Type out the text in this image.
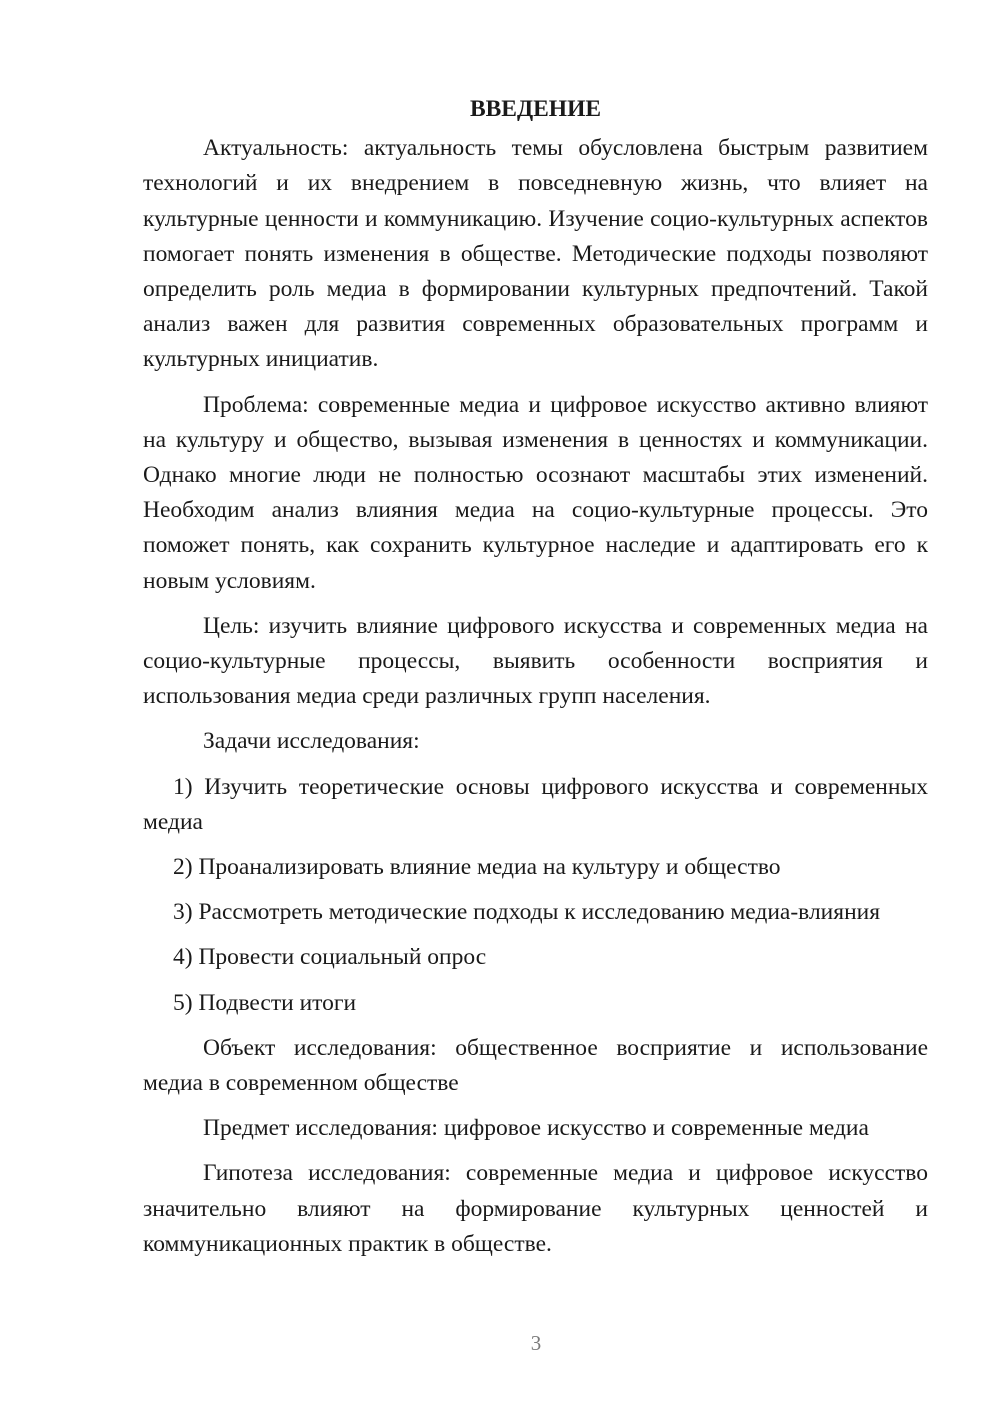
ВВЕДЕНИЕ

Актуальность: актуальность темы обусловлена быстрым развитием технологий и их внедрением в повседневную жизнь, что влияет на культурные ценности и коммуникацию. Изучение социо-культурных аспектов помогает понять изменения в обществе. Методические подходы позволяют определить роль медиа в формировании культурных предпочтений. Такой анализ важен для развития современных образовательных программ и культурных инициатив.

Проблема: современные медиа и цифровое искусство активно влияют на культуру и общество, вызывая изменения в ценностях и коммуникации. Однако многие люди не полностью осознают масштабы этих изменений. Необходим анализ влияния медиа на социо-культурные процессы. Это поможет понять, как сохранить культурное наследие и адаптировать его к новым условиям.

Цель: изучить влияние цифрового искусства и современных медиа на социо-культурные процессы, выявить особенности восприятия и использования медиа среди различных групп населения.

Задачи исследования:

1) Изучить теоретические основы цифрового искусства и современных медиа

2) Проанализировать влияние медиа на культуру и общество

3) Рассмотреть методические подходы к исследованию медиа-влияния

4) Провести социальный опрос

5) Подвести итоги

Объект исследования: общественное восприятие и использование медиа в современном обществе

Предмет исследования: цифровое искусство и современные медиа

Гипотеза исследования: современные медиа и цифровое искусство значительно влияют на формирование культурных ценностей и коммуникационных практик в обществе.

3
